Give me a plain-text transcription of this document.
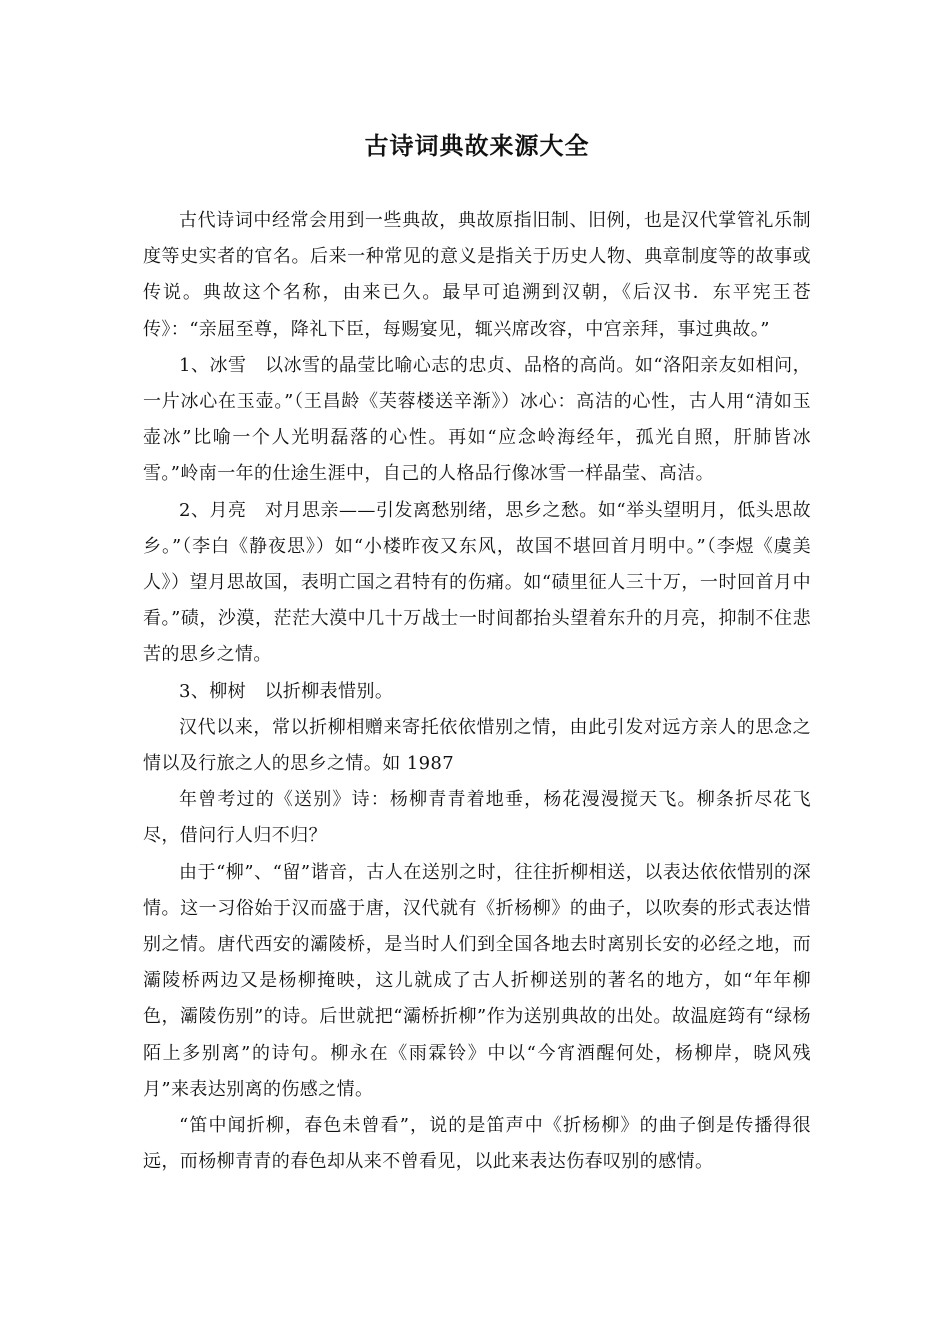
古诗词典故来源大全

古代诗词中经常会用到一些典故，典故原指旧制、旧例，也是汉代掌管礼乐制度等史实者的官名。后来一种常见的意义是指关于历史人物、典章制度等的故事或传说。典故这个名称，由来已久。最早可追溯到汉朝，《后汉书．东平宪王苍传》：“亲屈至尊，降礼下臣，每赐宴见，辄兴席改容，中宫亲拜，事过典故。”

1、冰雪　以冰雪的晶莹比喻心志的忠贞、品格的高尚。如“洛阳亲友如相问，一片冰心在玉壶。”（王昌龄《芙蓉楼送辛渐》）冰心：高洁的心性，古人用“清如玉壶冰”比喻一个人光明磊落的心性。再如“应念岭海经年，孤光自照，肝肺皆冰雪。”岭南一年的仕途生涯中，自己的人格品行像冰雪一样晶莹、高洁。

2、月亮　对月思亲——引发离愁别绪，思乡之愁。如“举头望明月，低头思故乡。”（李白《静夜思》）如“小楼昨夜又东风，故国不堪回首月明中。”（李煜《虞美人》）望月思故国，表明亡国之君特有的伤痛。如“碛里征人三十万，一时回首月中看。”碛，沙漠，茫茫大漠中几十万战士一时间都抬头望着东升的月亮，抑制不住悲苦的思乡之情。

3、柳树　以折柳表惜别。

汉代以来，常以折柳相赠来寄托依依惜别之情，由此引发对远方亲人的思念之情以及行旅之人的思乡之情。如 1987

年曾考过的《送别》诗：杨柳青青着地垂，杨花漫漫搅天飞。柳条折尽花飞尽，借问行人归不归？

由于“柳”、“留”谐音，古人在送别之时，往往折柳相送，以表达依依惜别的深情。这一习俗始于汉而盛于唐，汉代就有《折杨柳》的曲子，以吹奏的形式表达惜别之情。唐代西安的灞陵桥，是当时人们到全国各地去时离别长安的必经之地，而灞陵桥两边又是杨柳掩映，这儿就成了古人折柳送别的著名的地方，如“年年柳色，灞陵伤别”的诗。后世就把“灞桥折柳”作为送别典故的出处。故温庭筠有“绿杨陌上多别离”的诗句。柳永在《雨霖铃》中以“今宵酒醒何处，杨柳岸，晓风残月”来表达别离的伤感之情。

“笛中闻折柳，春色未曾看”，说的是笛声中《折杨柳》的曲子倒是传播得很远，而杨柳青青的春色却从来不曾看见，以此来表达伤春叹别的感情。
